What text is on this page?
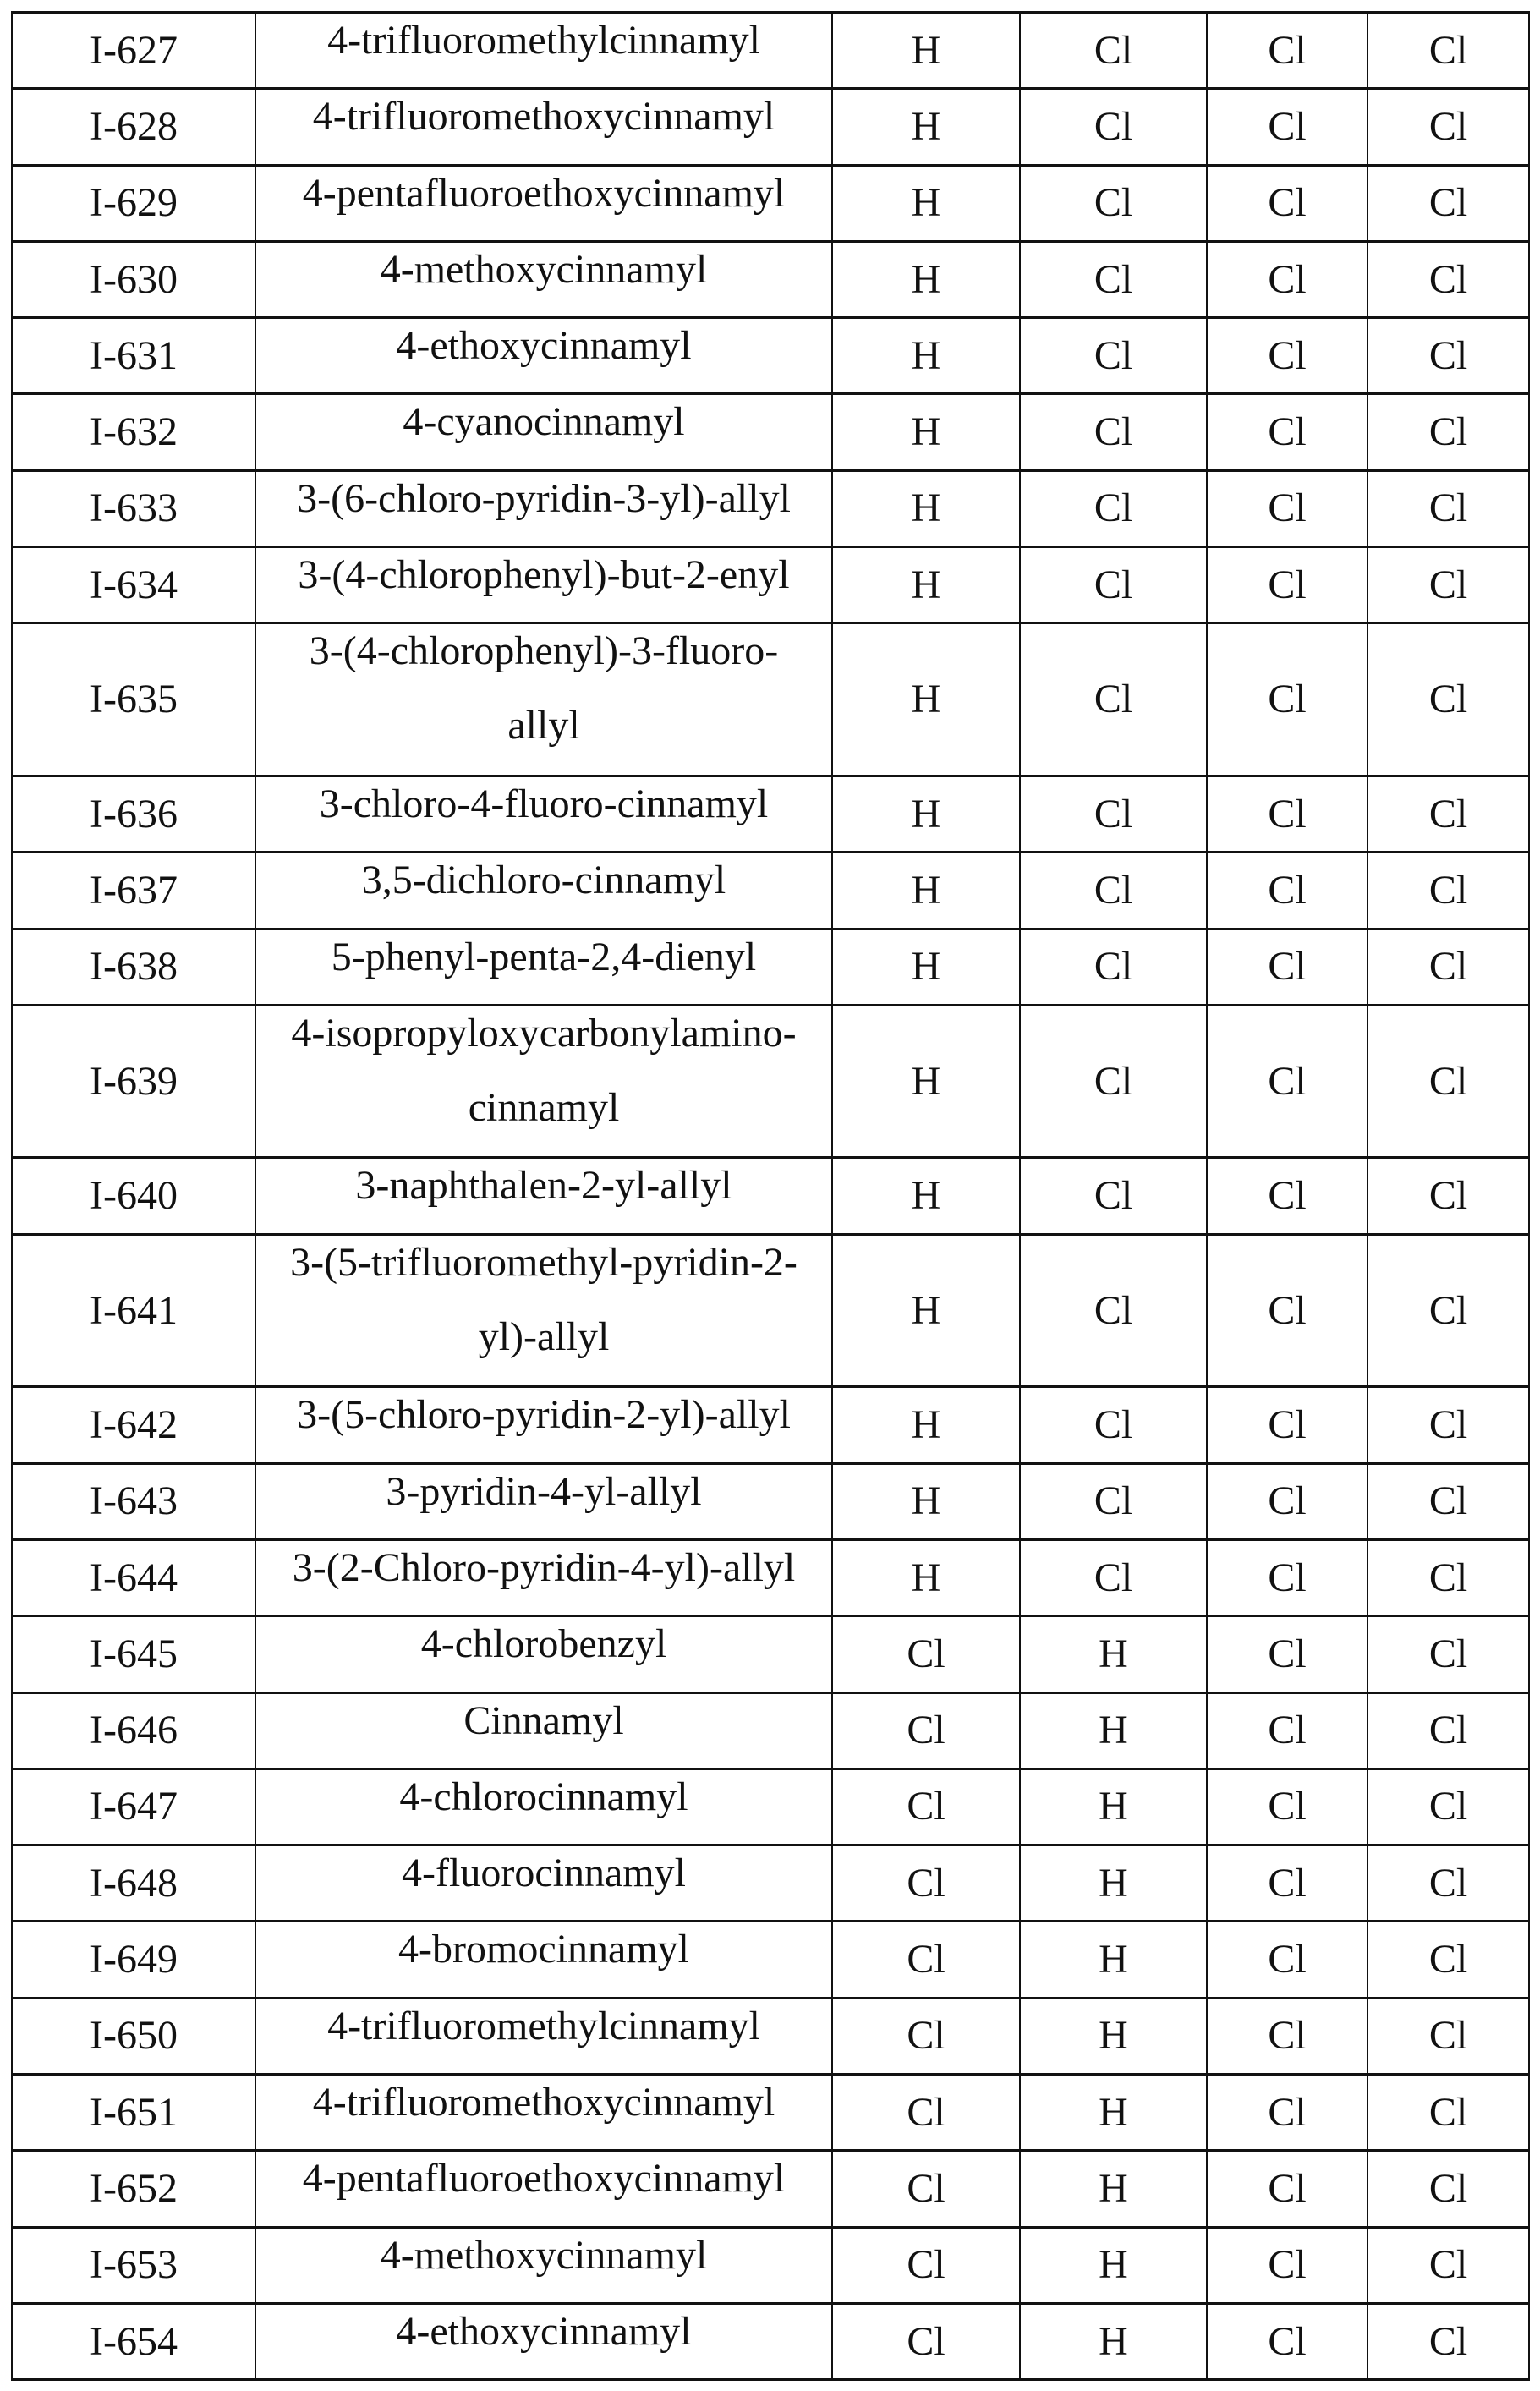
I-627	4-trifluoromethylcinnamyl	H	Cl	Cl	Cl
I-628	4-trifluoromethoxycinnamyl	H	Cl	Cl	Cl
I-629	4-pentafluoroethoxycinnamyl	H	Cl	Cl	Cl
I-630	4-methoxycinnamyl	H	Cl	Cl	Cl
I-631	4-ethoxycinnamyl	H	Cl	Cl	Cl
I-632	4-cyanocinnamyl	H	Cl	Cl	Cl
I-633	3-(6-chloro-pyridin-3-yl)-allyl	H	Cl	Cl	Cl
I-634	3-(4-chlorophenyl)-but-2-enyl	H	Cl	Cl	Cl
I-635	3-(4-chlorophenyl)-3-fluoro-allyl	H	Cl	Cl	Cl
I-636	3-chloro-4-fluoro-cinnamyl	H	Cl	Cl	Cl
I-637	3,5-dichloro-cinnamyl	H	Cl	Cl	Cl
I-638	5-phenyl-penta-2,4-dienyl	H	Cl	Cl	Cl
I-639	4-isopropyloxycarbonylamino-cinnamyl	H	Cl	Cl	Cl
I-640	3-naphthalen-2-yl-allyl	H	Cl	Cl	Cl
I-641	3-(5-trifluoromethyl-pyridin-2-yl)-allyl	H	Cl	Cl	Cl
I-642	3-(5-chloro-pyridin-2-yl)-allyl	H	Cl	Cl	Cl
I-643	3-pyridin-4-yl-allyl	H	Cl	Cl	Cl
I-644	3-(2-Chloro-pyridin-4-yl)-allyl	H	Cl	Cl	Cl
I-645	4-chlorobenzyl	Cl	H	Cl	Cl
I-646	Cinnamyl	Cl	H	Cl	Cl
I-647	4-chlorocinnamyl	Cl	H	Cl	Cl
I-648	4-fluorocinnamyl	Cl	H	Cl	Cl
I-649	4-bromocinnamyl	Cl	H	Cl	Cl
I-650	4-trifluoromethylcinnamyl	Cl	H	Cl	Cl
I-651	4-trifluoromethoxycinnamyl	Cl	H	Cl	Cl
I-652	4-pentafluoroethoxycinnamyl	Cl	H	Cl	Cl
I-653	4-methoxycinnamyl	Cl	H	Cl	Cl
I-654	4-ethoxycinnamyl	Cl	H	Cl	Cl
